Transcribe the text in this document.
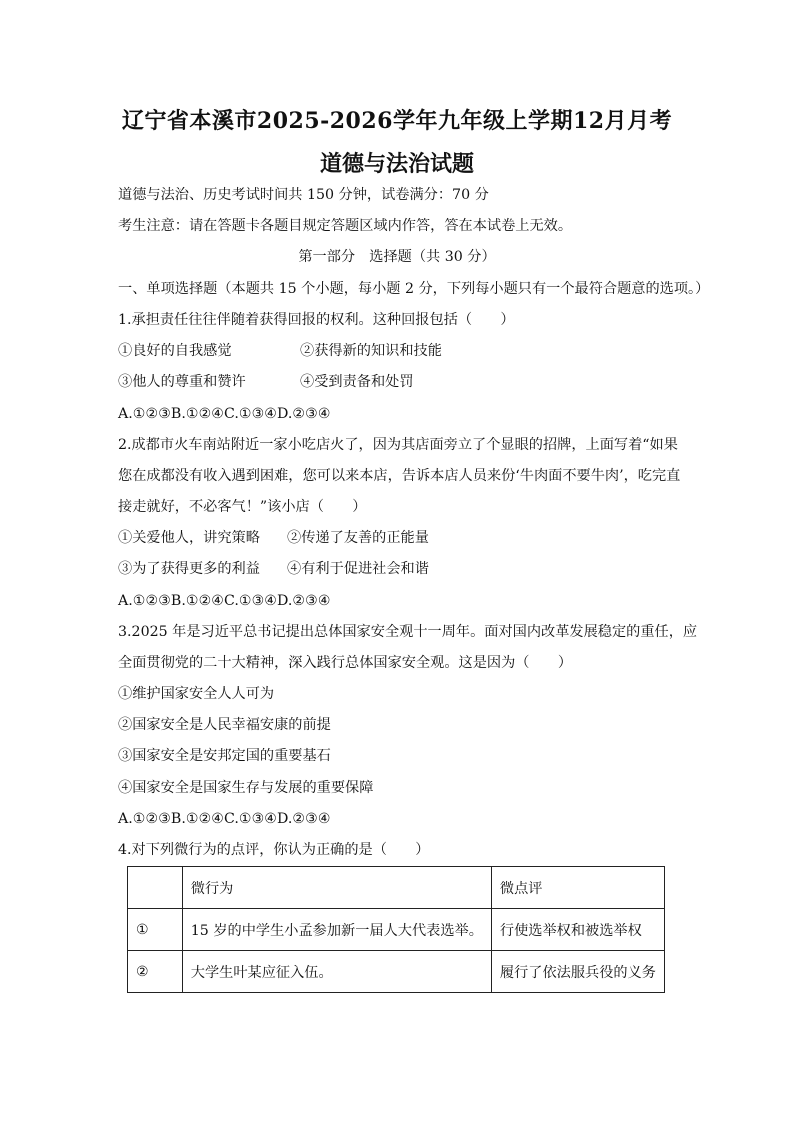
辽宁省本溪市2025-2026学年九年级上学期12月月考
道德与法治试题
道德与法治、历史考试时间共 150 分钟，试卷满分：70 分
考生注意：请在答题卡各题目规定答题区域内作答，答在本试卷上无效。
第一部分　选择题（共 30 分）
一、单项选择题（本题共 15 个小题，每小题 2 分，下列每小题只有一个最符合题意的选项。）
1.承担责任往往伴随着获得回报的权利。这种回报包括（　　）
①良好的自我感觉	②获得新的知识和技能
③他人的尊重和赞许	④受到责备和处罚
A.①②③B.①②④C.①③④D.②③④
2.成都市火车南站附近一家小吃店火了，因为其店面旁立了个显眼的招牌，上面写着“如果
您在成都没有收入遇到困难，您可以来本店，告诉本店人员来份‘牛肉面不要牛肉’，吃完直
接走就好，不必客气！”该小店（　　）
①关爱他人，讲究策略 ②传递了友善的正能量
③为了获得更多的利益 ④有利于促进社会和谐
A.①②③B.①②④C.①③④D.②③④
3.2025 年是习近平总书记提出总体国家安全观十一周年。面对国内改革发展稳定的重任，应
全面贯彻党的二十大精神，深入践行总体国家安全观。这是因为（　　）
①维护国家安全人人可为
②国家安全是人民幸福安康的前提
③国家安全是安邦定国的重要基石
④国家安全是国家生存与发展的重要保障
A.①②③B.①②④C.①③④D.②③④
4.对下列微行为的点评，你认为正确的是（　　）
	微行为	微点评
①	15 岁的中学生小孟参加新一届人大代表选举。	行使选举权和被选举权
②	大学生叶某应征入伍。	履行了依法服兵役的义务
